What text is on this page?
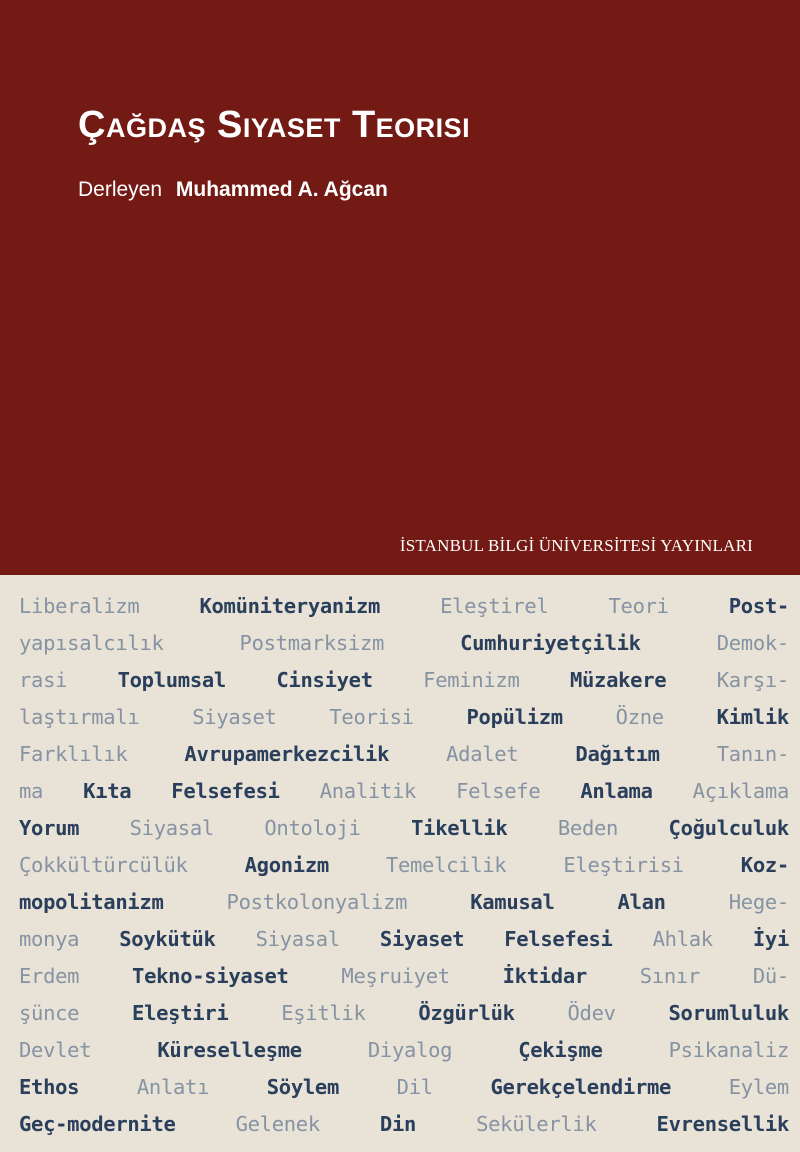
Çağdaş Siyaset Teorisi
Derleyen Muhammed A. Ağcan
İSTANBUL BİLGİ ÜNİVERSİTESİ YAYINLARI
Liberalizm	Komüniteryanizm	Eleştirel	Teori	Post-
yapısalcılık	Postmarksizm	Cumhuriyetçilik	Demok-
rasi Toplumsal Cinsiyet Feminizm Müzakere Karşı-
laştırmalı	Siyaset	Teorisi	Popülizm	Özne	Kimlik
Farklılık	Avrupamerkezcilik	Adalet	Dağıtım	Tanın-
ma Kıta Felsefesi Analitik Felsefe Anlama Açıklama
Yorum Siyasal Ontoloji Tikellik Beden Çoğulculuk
Çokkültürcülük	Agonizm	Temelcilik	Eleştirisi	Koz-
mopolitanizm	Postkolonyalizm	Kamusal	Alan	Hege-
monya Soykütük Siyasal Siyaset Felsefesi Ahlak İyi
Erdem	Tekno-siyaset	Meşruiyet	İktidar	Sınır	Dü-
şünce	Eleştiri	Eşitlik	Özgürlük	Ödev	Sorumluluk
Devlet	Küreselleşme	Diyalog	Çekişme	Psikanaliz
Ethos	Anlatı	Söylem	Dil	Gerekçelendirme	Eylem
Geç-modernite	Gelenek	Din	Sekülerlik	Evrensellik
